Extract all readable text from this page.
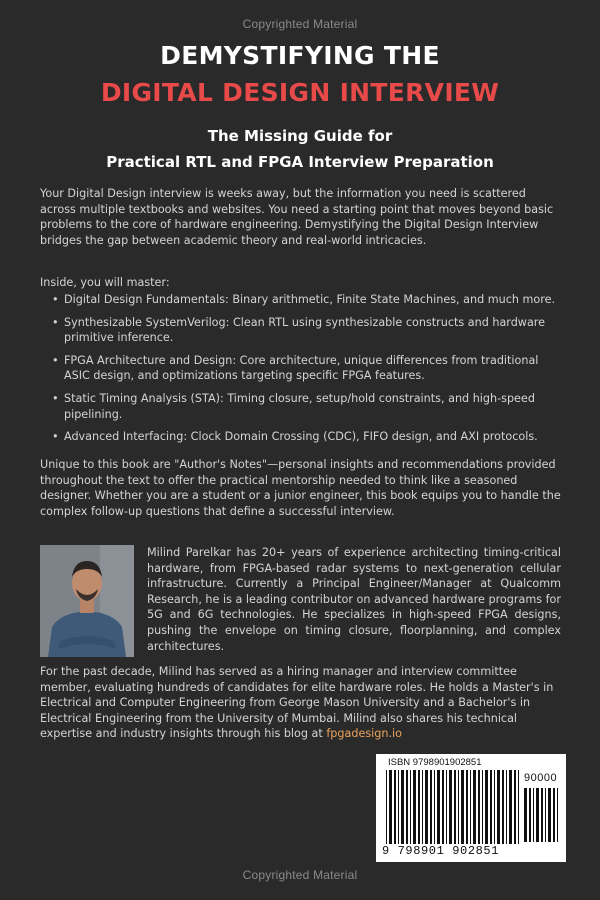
Copyrighted Material
DEMYSTIFYING THE
DIGITAL DESIGN INTERVIEW
The Missing Guide for
Practical RTL and FPGA Interview Preparation

Your Digital Design interview is weeks away, but the information you need is scattered across multiple textbooks and websites. You need a starting point that moves beyond basic problems to the core of hardware engineering. Demystifying the Digital Design Interview bridges the gap between academic theory and real-world intricacies.

Inside, you will master:

• Digital Design Fundamentals: Binary arithmetic, Finite State Machines, and much more.
• Synthesizable SystemVerilog: Clean RTL using synthesizable constructs and hardware primitive inference.
• FPGA Architecture and Design: Core architecture, unique differences from traditional ASIC design, and optimizations targeting specific FPGA features.
• Static Timing Analysis (STA): Timing closure, setup/hold constraints, and high-speed pipelining.
• Advanced Interfacing: Clock Domain Crossing (CDC), FIFO design, and AXI protocols.

Unique to this book are "Author's Notes"—personal insights and recommendations provided throughout the text to offer the practical mentorship needed to think like a seasoned designer. Whether you are a student or a junior engineer, this book equips you to handle the complex follow-up questions that define a successful interview.

Milind Parelkar has 20+ years of experience architecting timing-critical hardware, from FPGA-based radar systems to next-generation cellular infrastructure. Currently a Principal Engineer/Manager at Qualcomm Research, he is a leading contributor on advanced hardware programs for 5G and 6G technologies. He specializes in high-speed FPGA designs, pushing the envelope on timing closure, floorplanning, and complex architectures.

For the past decade, Milind has served as a hiring manager and interview committee member, evaluating hundreds of candidates for elite hardware roles. He holds a Master's in Electrical and Computer Engineering from George Mason University and a Bachelor's in Electrical Engineering from the University of Mumbai. Milind also shares his technical expertise and industry insights through his blog at fpgadesign.io

ISBN 9798901902851
90000
9 798901 902851
Copyrighted Material
